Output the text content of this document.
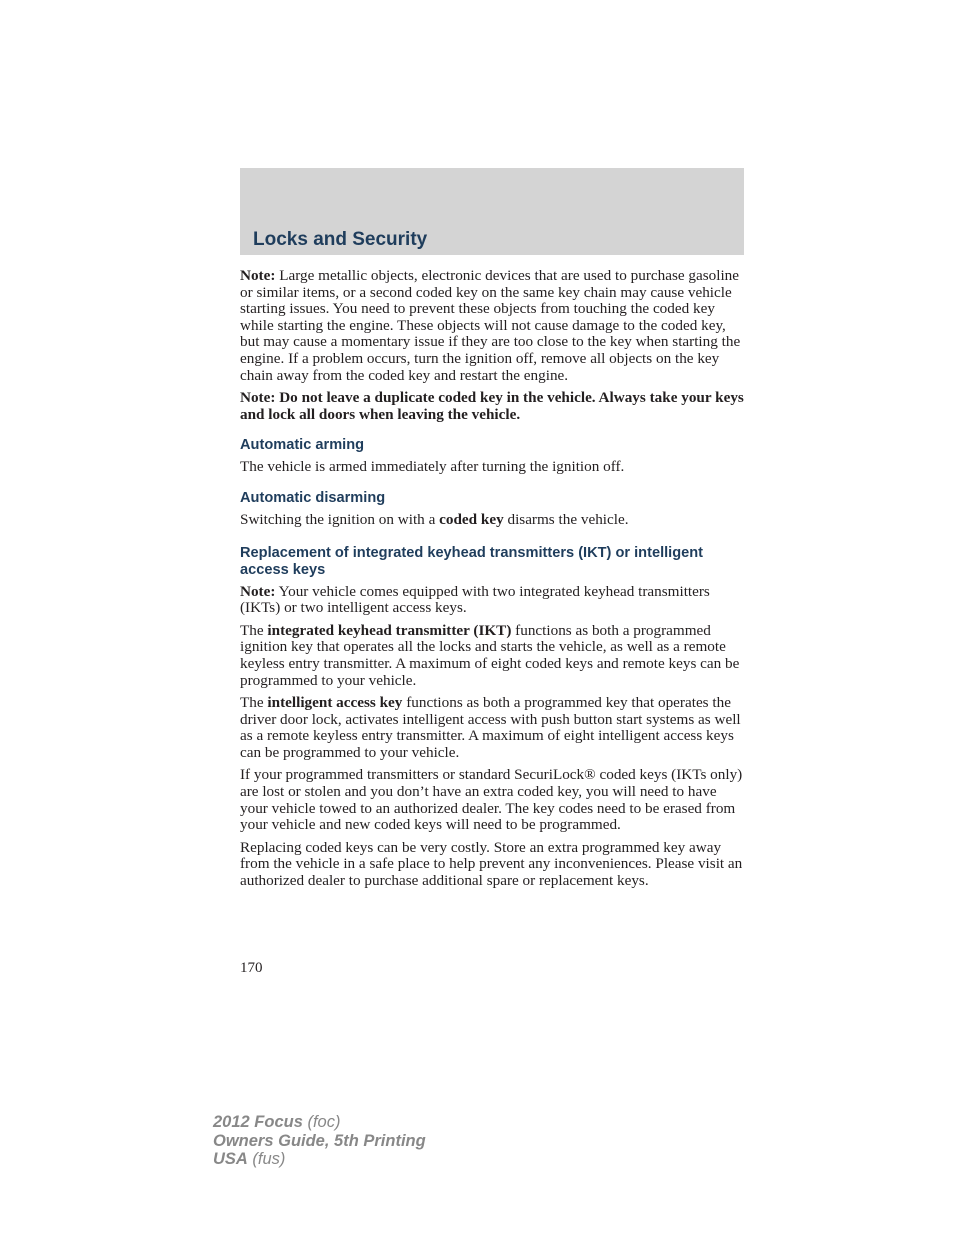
Locks and Security

Note: Large metallic objects, electronic devices that are used to purchase gasoline or similar items, or a second coded key on the same key chain may cause vehicle starting issues. You need to prevent these objects from touching the coded key while starting the engine. These objects will not cause damage to the coded key, but may cause a momentary issue if they are too close to the key when starting the engine. If a problem occurs, turn the ignition off, remove all objects on the key chain away from the coded key and restart the engine.

Note: Do not leave a duplicate coded key in the vehicle. Always take your keys and lock all doors when leaving the vehicle.

Automatic arming

The vehicle is armed immediately after turning the ignition off.

Automatic disarming

Switching the ignition on with a coded key disarms the vehicle.

Replacement of integrated keyhead transmitters (IKT) or intelligent access keys

Note: Your vehicle comes equipped with two integrated keyhead transmitters (IKTs) or two intelligent access keys.

The integrated keyhead transmitter (IKT) functions as both a programmed ignition key that operates all the locks and starts the vehicle, as well as a remote keyless entry transmitter. A maximum of eight coded keys and remote keys can be programmed to your vehicle.

The intelligent access key functions as both a programmed key that operates the driver door lock, activates intelligent access with push button start systems as well as a remote keyless entry transmitter. A maximum of eight intelligent access keys can be programmed to your vehicle.

If your programmed transmitters or standard SecuriLock® coded keys (IKTs only) are lost or stolen and you don’t have an extra coded key, you will need to have your vehicle towed to an authorized dealer. The key codes need to be erased from your vehicle and new coded keys will need to be programmed.

Replacing coded keys can be very costly. Store an extra programmed key away from the vehicle in a safe place to help prevent any inconveniences. Please visit an authorized dealer to purchase additional spare or replacement keys.

170
2012 Focus (foc)
Owners Guide, 5th Printing
USA (fus)
